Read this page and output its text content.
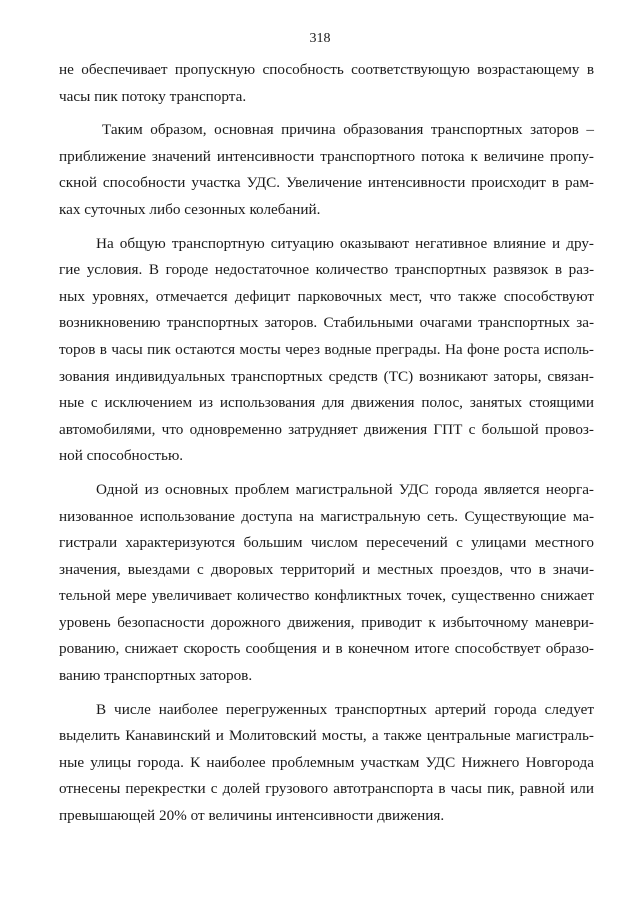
318

не обеспечивает пропускную способность соответствующую возрастающему в
часы пик потоку транспорта.

Таким образом, основная причина образования транспортных заторов –
приближение значений интенсивности транспортного потока к величине пропу-
скной способности участка УДС. Увеличение интенсивности происходит в рам-
ках суточных либо сезонных колебаний.

На общую транспортную ситуацию оказывают негативное влияние и дру-
гие условия. В городе недостаточное количество транспортных развязок в раз-
ных уровнях, отмечается дефицит парковочных мест, что также способствуют
возникновению транспортных заторов. Стабильными очагами транспортных за-
торов в часы пик остаются мосты через водные преграды. На фоне роста исполь-
зования индивидуальных транспортных средств (ТС) возникают заторы, связан-
ные с исключением из использования для движения полос, занятых стоящими
автомобилями, что одновременно затрудняет движения ГПТ с большой провоз-
ной способностью.

Одной из основных проблем магистральной УДС города является неорга-
низованное использование доступа на магистральную сеть. Существующие ма-
гистрали характеризуются большим числом пересечений с улицами местного
значения, выездами с дворовых территорий и местных проездов, что в значи-
тельной мере увеличивает количество конфликтных точек, существенно снижает
уровень безопасности дорожного движения, приводит к избыточному маневри-
рованию, снижает скорость сообщения и в конечном итоге способствует образо-
ванию транспортных заторов.

В числе наиболее перегруженных транспортных артерий города следует
выделить Канавинский и Молитовский мосты, а также центральные магистраль-
ные улицы города. К наиболее проблемным участкам УДС Нижнего Новгорода
отнесены перекрестки с долей грузового автотранспорта в часы пик, равной или
превышающей 20% от величины интенсивности движения.
